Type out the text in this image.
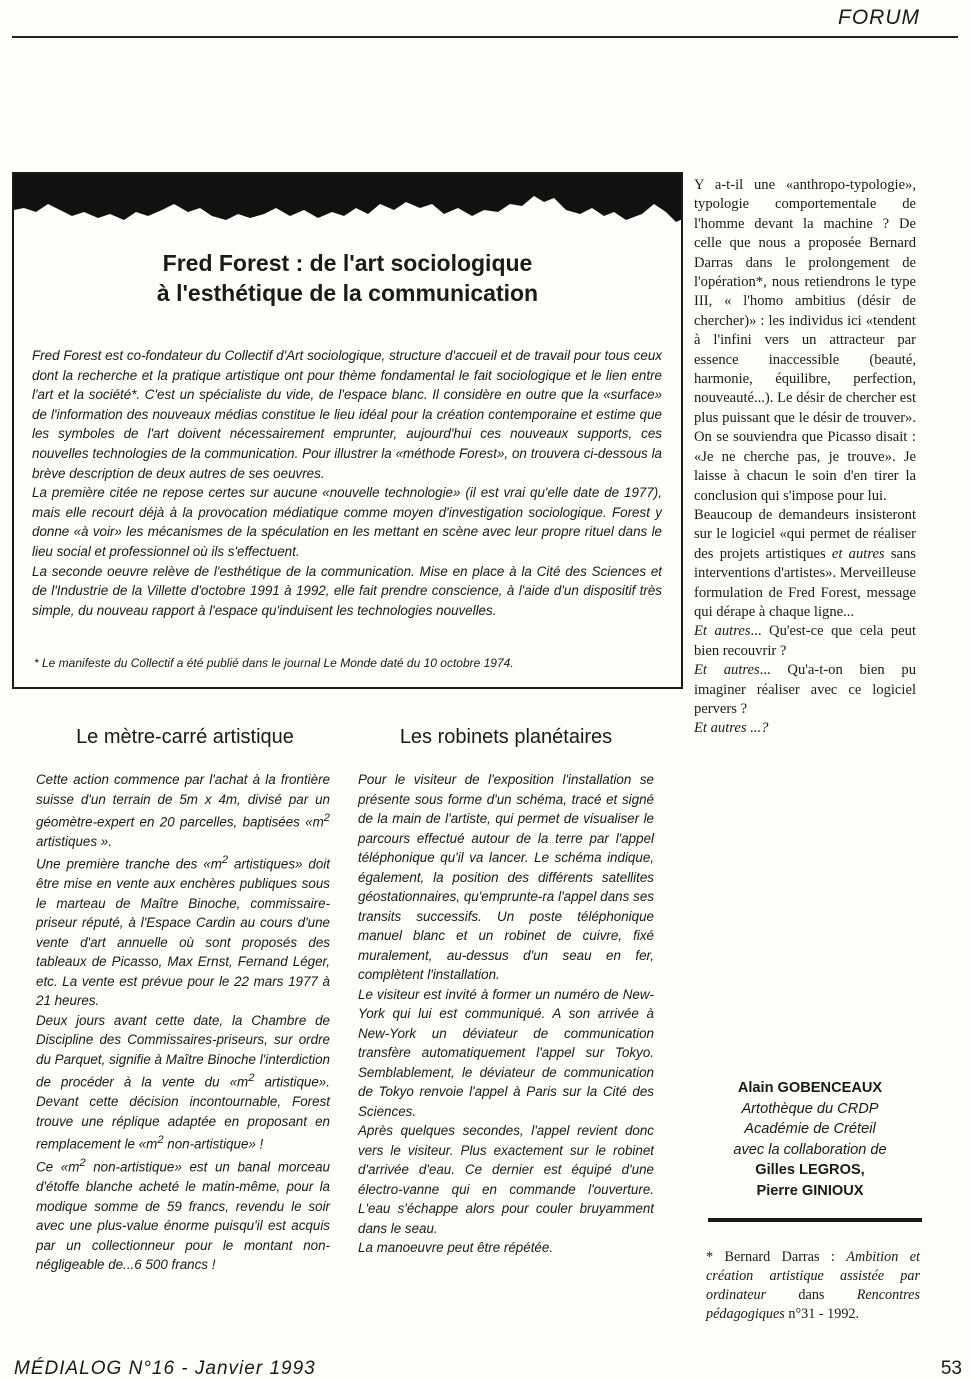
FORUM
Fred Forest : de l'art sociologique
à l'esthétique de la communication

Fred Forest est co-fondateur du Collectif d'Art sociologique, structure d'accueil et de travail pour tous ceux dont la recherche et la pratique artistique ont pour thème fondamental le fait sociologique et le lien entre l'art et la société*. C'est un spécialiste du vide, de l'espace blanc. Il considère en outre que la «surface» de l'information des nouveaux médias constitue le lieu idéal pour la création contemporaine et estime que les symboles de l'art doivent nécessairement emprunter, aujourd'hui ces nouveaux supports, ces nouvelles technologies de la communication. Pour illustrer la «méthode Forest», on trouvera ci-dessous la brève description de deux autres de ses oeuvres.

La première citée ne repose certes sur aucune «nouvelle technologie» (il est vrai qu'elle date de 1977), mais elle recourt déjà à la provocation médiatique comme moyen d'investigation sociologique. Forest y donne «à voir» les mécanismes de la spéculation en les mettant en scène avec leur propre rituel dans le lieu social et professionnel où ils s'effectuent.

La seconde oeuvre relève de l'esthétique de la communication. Mise en place à la Cité des Sciences et de l'Industrie de la Villette d'octobre 1991 à 1992, elle fait prendre conscience, à l'aide d'un dispositif très simple, du nouveau rapport à l'espace qu'induisent les technologies nouvelles.

* Le manifeste du Collectif a été publié dans le journal Le Monde daté du 10 octobre 1974.
Le mètre-carré artistique	Les robinets planétaires

Cette action commence par l'achat à la frontière suisse d'un terrain de 5m x 4m, divisé par un géomètre-expert en 20 parcelles, baptisées «$m^2$ artistiques ».

Une première tranche des «$m^2$ artistiques» doit être mise en vente aux enchères publiques sous le marteau de Maître Binoche, commissaire-priseur réputé, à l'Espace Cardin au cours d'une vente d'art annuelle où sont proposés des tableaux de Picasso, Max Ernst, Fernand Léger, etc. La vente est prévue pour le 22 mars 1977 à 21 heures.

Deux jours avant cette date, la Chambre de Discipline des Commissaires-priseurs, sur ordre du Parquet, signifie à Maître Binoche l'interdiction de procéder à la vente du «$m^2$ artistique». Devant cette décision incontournable, Forest trouve une réplique adaptée en proposant en remplacement le «$m^2$ non-artistique» !

Ce «$m^2$ non-artistique» est un banal morceau d'étoffe blanche acheté le matin-même, pour la modique somme de 59 francs, revendu le soir avec une plus-value énorme puisqu'il est acquis par un collectionneur pour le montant non-négligeable de...6 500 francs !

Pour le visiteur de l'exposition l'installation se présente sous forme d'un schéma, tracé et signé de la main de l'artiste, qui permet de visualiser le parcours effectué autour de la terre par l'appel téléphonique qu'il va lancer. Le schéma indique, également, la position des différents satellites géostationnaires, qu'emprunte-ra l'appel dans ses transits successifs. Un poste téléphonique manuel blanc et un robinet de cuivre, fixé muralement, au-dessus d'un seau en fer, complètent l'installation.

Le visiteur est invité à former un numéro de New-York qui lui est communiqué. A son arrivée à New-York un déviateur de communication transfère automatiquement l'appel sur Tokyo. Semblablement, le déviateur de communication de Tokyo renvoie l'appel à Paris sur la Cité des Sciences.

Après quelques secondes, l'appel revient donc vers le visiteur. Plus exactement sur le robinet d'arrivée d'eau. Ce dernier est équipé d'une électro-vanne qui en commande l'ouverture. L'eau s'échappe alors pour couler bruyamment dans le seau.

La manoeuvre peut être répétée.

Y a-t-il une «anthropo-typologie», typologie comportementale de l'homme devant la machine ? De celle que nous a proposée Bernard Darras dans le prolongement de l'opération*, nous retiendrons le type III, « l'homo ambitius (désir de chercher)» : les individus ici «tendent à l'infini vers un attracteur par essence inaccessible (beauté, harmonie, équilibre, perfection, nouveauté...). Le désir de chercher est plus puissant que le désir de trouver». On se souviendra que Picasso disait : «Je ne cherche pas, je trouve». Je laisse à chacun le soin d'en tirer la conclusion qui s'impose pour lui.

Beaucoup de demandeurs insisteront sur le logiciel «qui permet de réaliser des projets artistiques et autres sans interventions d'artistes». Merveilleuse formulation de Fred Forest, message qui dérape à chaque ligne...

Et autres... Qu'est-ce que cela peut bien recouvrir ?

Et autres... Qu'a-t-on bien pu imaginer réaliser avec ce logiciel pervers ?

Et autres ...?

Alain GOBENCEAUX
Artothèque du CRDP
Académie de Créteil
avec la collaboration de
Gilles LEGROS,
Pierre GINIOUX
* Bernard Darras : Ambition et création artistique assistée par ordinateur dans Rencontres pédagogiques n°31 - 1992.
MÉDIALOG N°16 - Janvier 1993	53
